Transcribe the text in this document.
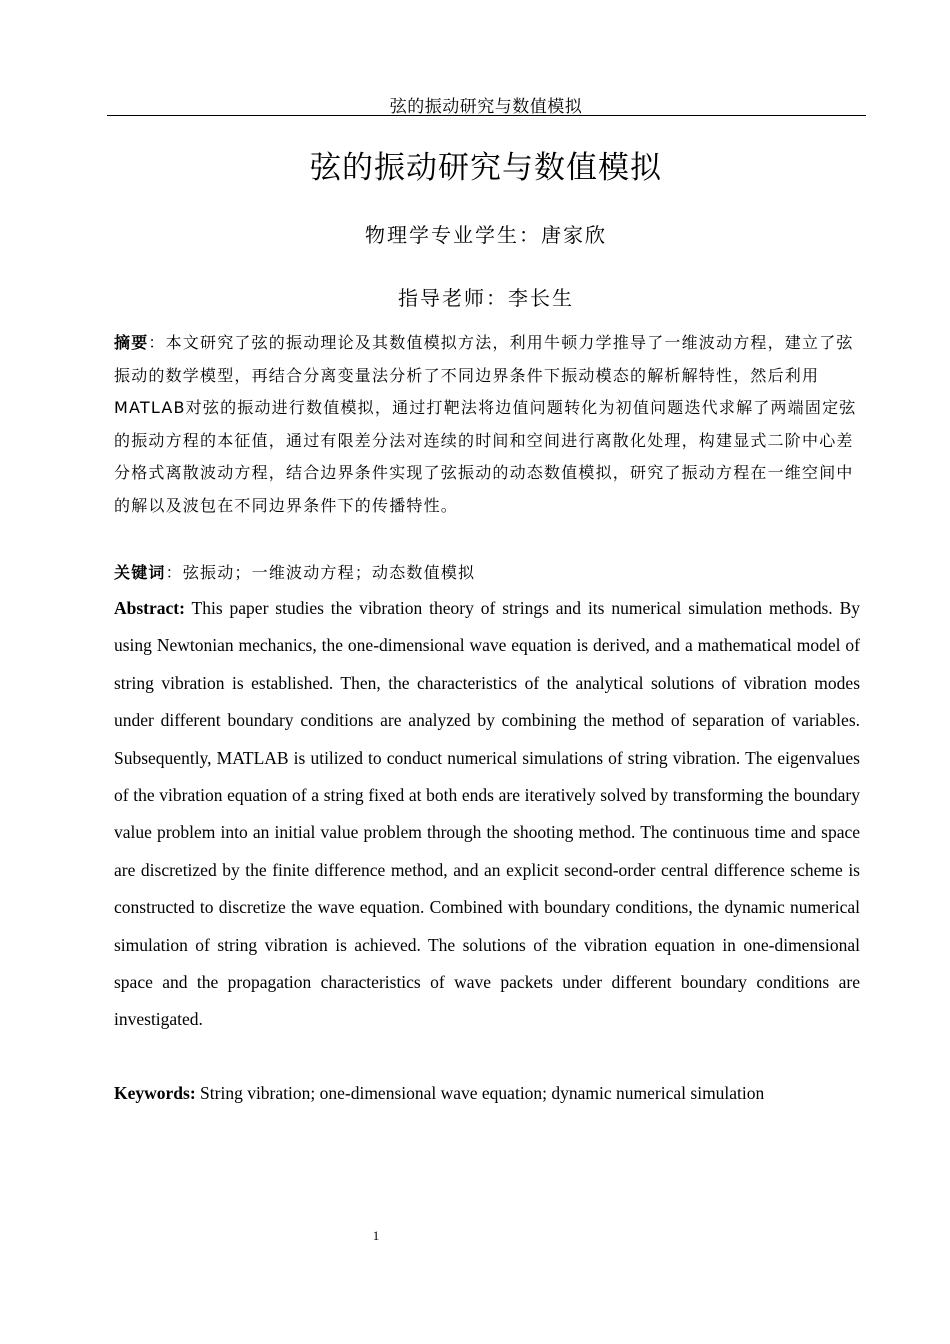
弦的振动研究与数值模拟
弦的振动研究与数值模拟
物理学专业学生：唐家欣
指导老师：李长生

摘要：本文研究了弦的振动理论及其数值模拟方法，利用牛顿力学推导了一维波动方程，建立了弦振动的数学模型，再结合分离变量法分析了不同边界条件下振动模态的解析解特性，然后利用MATLAB对弦的振动进行数值模拟，通过打靶法将边值问题转化为初值问题迭代求解了两端固定弦的振动方程的本征值，通过有限差分法对连续的时间和空间进行离散化处理，构建显式二阶中心差分格式离散波动方程，结合边界条件实现了弦振动的动态数值模拟，研究了振动方程在一维空间中的解以及波包在不同边界条件下的传播特性。

关键词：弦振动；一维波动方程；动态数值模拟

Abstract: This paper studies the vibration theory of strings and its numerical simulation methods. By using Newtonian mechanics, the one-dimensional wave equation is derived, and a mathematical model of string vibration is established. Then, the characteristics of the analytical solutions of vibration modes under different boundary conditions are analyzed by combining the method of separation of variables. Subsequently, MATLAB is utilized to conduct numerical simulations of string vibration. The eigenvalues of the vibration equation of a string fixed at both ends are iteratively solved by transforming the boundary value problem into an initial value problem through the shooting method. The continuous time and space are discretized by the finite difference method, and an explicit second-order central difference scheme is constructed to discretize the wave equation. Combined with boundary conditions, the dynamic numerical simulation of string vibration is achieved. The solutions of the vibration equation in one-dimensional space and the propagation characteristics of wave packets under different boundary conditions are investigated.

Keywords: String vibration; one-dimensional wave equation; dynamic numerical simulation

1
